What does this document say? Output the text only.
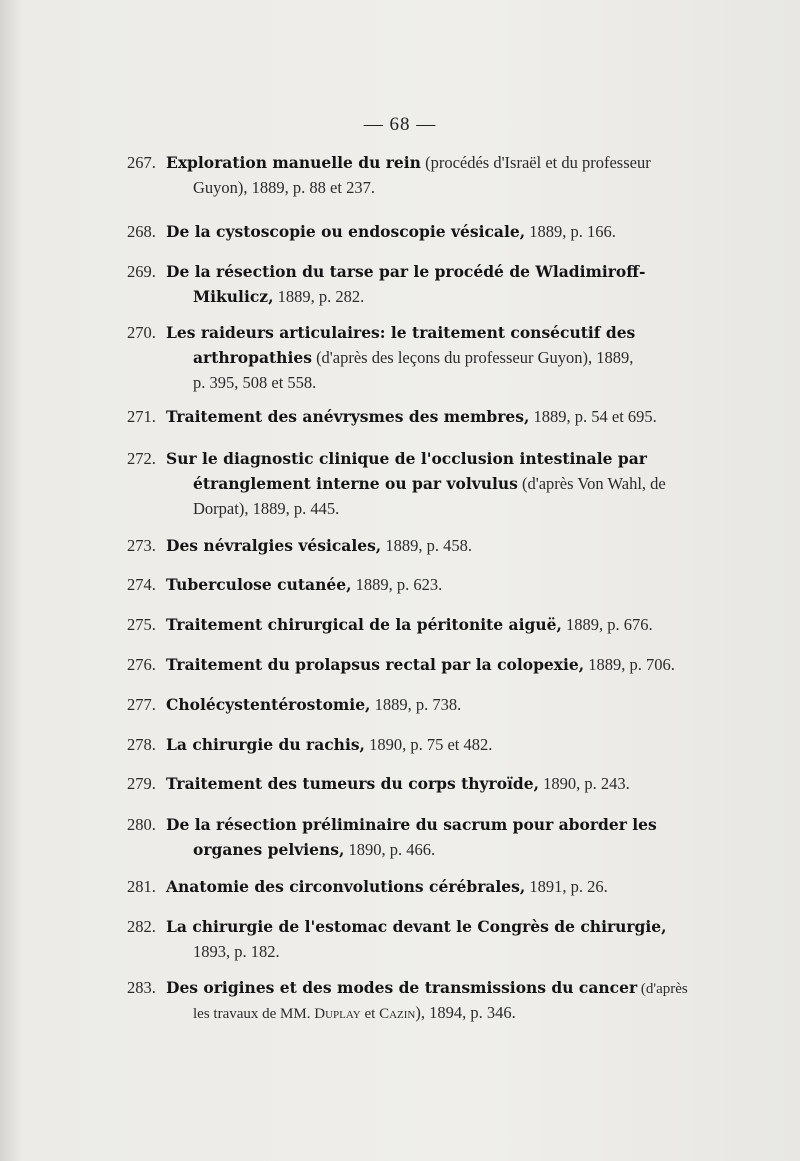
— 68 —
267. Exploration manuelle du rein (procédés d'Israël et du professeur
Guyon), 1889, p. 88 et 237.
268. De la cystoscopie ou endoscopie vésicale, 1889, p. 166.
269. De la résection du tarse par le procédé de Wladimiroff-
Mikulicz, 1889, p. 282.
270. Les raideurs articulaires: le traitement consécutif des
arthropathies (d'après des leçons du professeur Guyon), 1889,
p. 395, 508 et 558.
271. Traitement des anévrysmes des membres, 1889, p. 54 et 695.
272. Sur le diagnostic clinique de l'occlusion intestinale par
étranglement interne ou par volvulus (d'après Von Wahl, de
Dorpat), 1889, p. 445.
273. Des névralgies vésicales, 1889, p. 458.
274. Tuberculose cutanée, 1889, p. 623.
275. Traitement chirurgical de la péritonite aiguë, 1889, p. 676.
276. Traitement du prolapsus rectal par la colopexie, 1889, p. 706.
277. Cholécystentérostomie, 1889, p. 738.
278. La chirurgie du rachis, 1890, p. 75 et 482.
279. Traitement des tumeurs du corps thyroïde, 1890, p. 243.
280. De la résection préliminaire du sacrum pour aborder les
organes pelviens, 1890, p. 466.
281. Anatomie des circonvolutions cérébrales, 1891, p. 26.
282. La chirurgie de l'estomac devant le Congrès de chirurgie,
1893, p. 182.
283. Des origines et des modes de transmissions du cancer (d'après
les travaux de MM. Duplay et Cazin), 1894, p. 346.
